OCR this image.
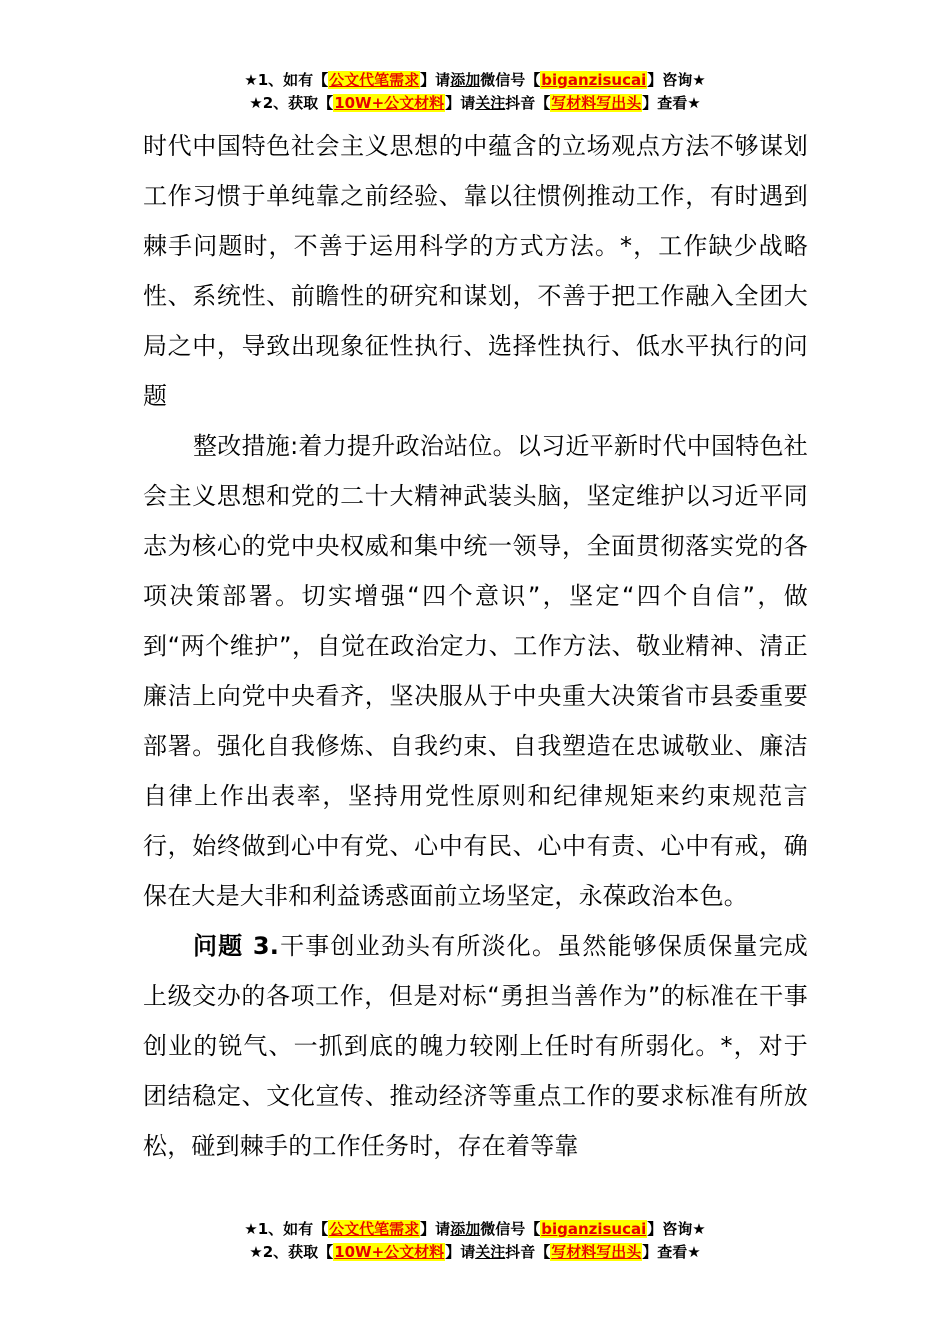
★1、如有【公文代笔需求】请添加微信号【biganzisucai】咨询★
★2、获取【10W+公文材料】请关注抖音【写材料写出头】查看★

时代中国特色社会主义思想的中蕴含的立场观点方法不够谋划工作习惯于单纯靠之前经验、靠以往惯例推动工作，有时遇到棘手问题时，不善于运用科学的方式方法。*，工作缺少战略性、系统性、前瞻性的研究和谋划，不善于把工作融入全团大局之中，导致出现象征性执行、选择性执行、低水平执行的问题

整改措施:着力提升政治站位。以习近平新时代中国特色社会主义思想和党的二十大精神武装头脑，坚定维护以习近平同志为核心的党中央权威和集中统一领导，全面贯彻落实党的各项决策部署。切实增强“四个意识”，坚定“四个自信”，做到“两个维护”，自觉在政治定力、工作方法、敬业精神、清正廉洁上向党中央看齐，坚决服从于中央重大决策省市县委重要部署。强化自我修炼、自我约束、自我塑造在忠诚敬业、廉洁自律上作出表率，坚持用党性原则和纪律规矩来约束规范言行，始终做到心中有党、心中有民、心中有责、心中有戒，确保在大是大非和利益诱惑面前立场坚定，永葆政治本色。

问题 3.干事创业劲头有所淡化。虽然能够保质保量完成上级交办的各项工作，但是对标“勇担当善作为”的标准在干事创业的锐气、一抓到底的魄力较刚上任时有所弱化。*，对于团结稳定、文化宣传、推动经济等重点工作的要求标准有所放松，碰到棘手的工作任务时，存在着等靠

★1、如有【公文代笔需求】请添加微信号【biganzisucai】咨询★
★2、获取【10W+公文材料】请关注抖音【写材料写出头】查看★
